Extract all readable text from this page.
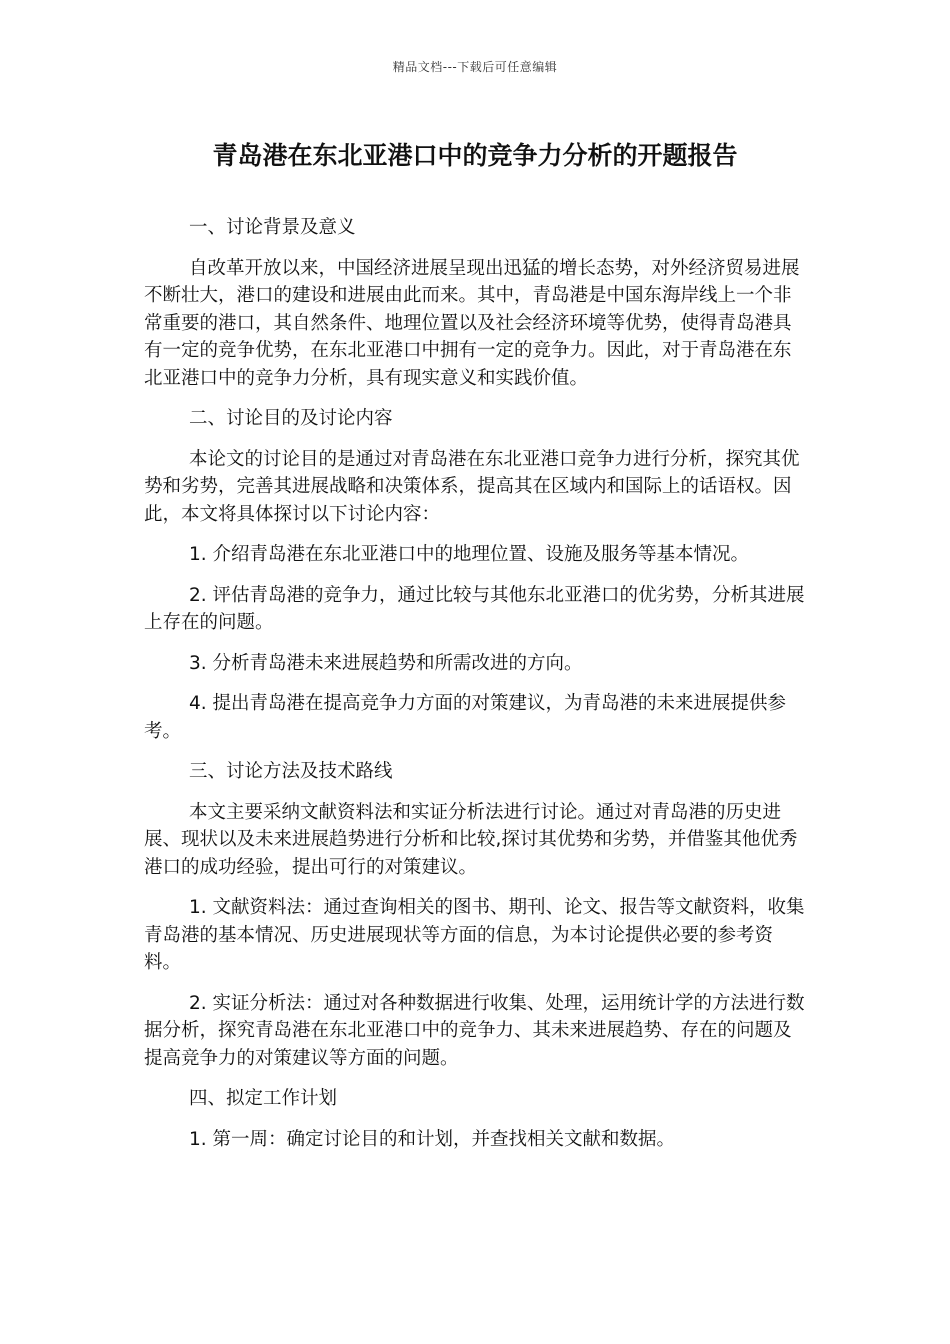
精品文档---下载后可任意编辑
青岛港在东北亚港口中的竞争力分析的开题报告

一、讨论背景及意义

自改革开放以来，中国经济进展呈现出迅猛的增长态势，对外经济贸易进展不断壮大，港口的建设和进展由此而来。其中，青岛港是中国东海岸线上一个非常重要的港口，其自然条件、地理位置以及社会经济环境等优势，使得青岛港具有一定的竞争优势，在东北亚港口中拥有一定的竞争力。因此，对于青岛港在东北亚港口中的竞争力分析，具有现实意义和实践价值。

二、讨论目的及讨论内容

本论文的讨论目的是通过对青岛港在东北亚港口竞争力进行分析，探究其优势和劣势，完善其进展战略和决策体系，提高其在区域内和国际上的话语权。因此，本文将具体探讨以下讨论内容：

1. 介绍青岛港在东北亚港口中的地理位置、设施及服务等基本情况。

2. 评估青岛港的竞争力，通过比较与其他东北亚港口的优劣势，分析其进展上存在的问题。

3. 分析青岛港未来进展趋势和所需改进的方向。

4. 提出青岛港在提高竞争力方面的对策建议，为青岛港的未来进展提供参考。

三、讨论方法及技术路线

本文主要采纳文献资料法和实证分析法进行讨论。通过对青岛港的历史进展、现状以及未来进展趋势进行分析和比较,探讨其优势和劣势，并借鉴其他优秀港口的成功经验，提出可行的对策建议。

1. 文献资料法：通过查询相关的图书、期刊、论文、报告等文献资料，收集青岛港的基本情况、历史进展现状等方面的信息，为本讨论提供必要的参考资料。

2. 实证分析法：通过对各种数据进行收集、处理，运用统计学的方法进行数据分析，探究青岛港在东北亚港口中的竞争力、其未来进展趋势、存在的问题及提高竞争力的对策建议等方面的问题。

四、拟定工作计划

1. 第一周：确定讨论目的和计划，并查找相关文献和数据。
